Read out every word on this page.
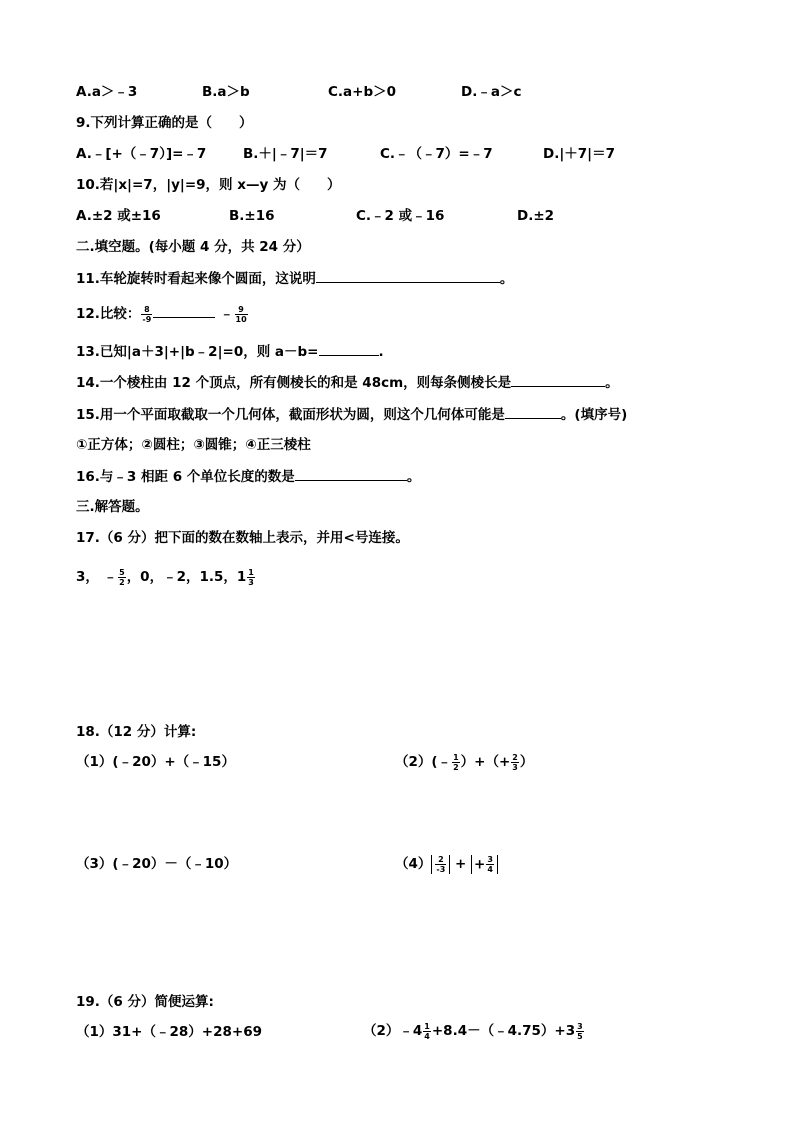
A.a＞﹣3	B.a＞b	C.a+b＞0	D.﹣a＞c
9.下列计算正确的是（　　）
A.﹣[+（﹣7）]=﹣7	B.＋|﹣7|＝7	C.﹣（﹣7）=﹣7	D.|＋7|＝7
10.若|x|=7，|y|=9，则 x—y 为（　　）
A.±2 或±16	B.±16	C.﹣2 或﹣16	D.±2
二.填空题。(每小题 4 分，共 24 分）
11.车轮旋转时看起来像个圆面，这说明	。
12.比较： $\frac{8}{-9}$	﹣ $\frac{9}{10}$
13.已知|a＋3|+|b﹣2|=0，则 a－b=	.
14.一个棱柱由 12 个顶点，所有侧棱长的和是 48cm，则每条侧棱长是	。
15.用一个平面取截取一个几何体，截面形状为圆，则这个几何体可能是	。(填序号)
①正方体；②圆柱；③圆锥；④正三棱柱
16.与﹣3 相距 6 个单位长度的数是	。
三.解答题。
17.（6 分）把下面的数在数轴上表示，并用<号连接。
3， ﹣ $\frac{5}{2}$ ，0，﹣2，1.5，$1 \frac{1}{3}$
18.（12 分）计算:
（1）(﹣20）+（﹣15）	（2）(﹣ $\frac{1}{2}$ ）+（+ $\frac{2}{3}$ ）
（3）(﹣20）－（﹣10）	$(4) \frac{2}{-3}$ + + $\frac{3}{4}$
19.（6 分）简便运算:
（1）31+（﹣28）+28+69	（2）﹣4 $\frac{1}{4}$ +8.4－（﹣4.75）+3 $\frac{3}{5}$
